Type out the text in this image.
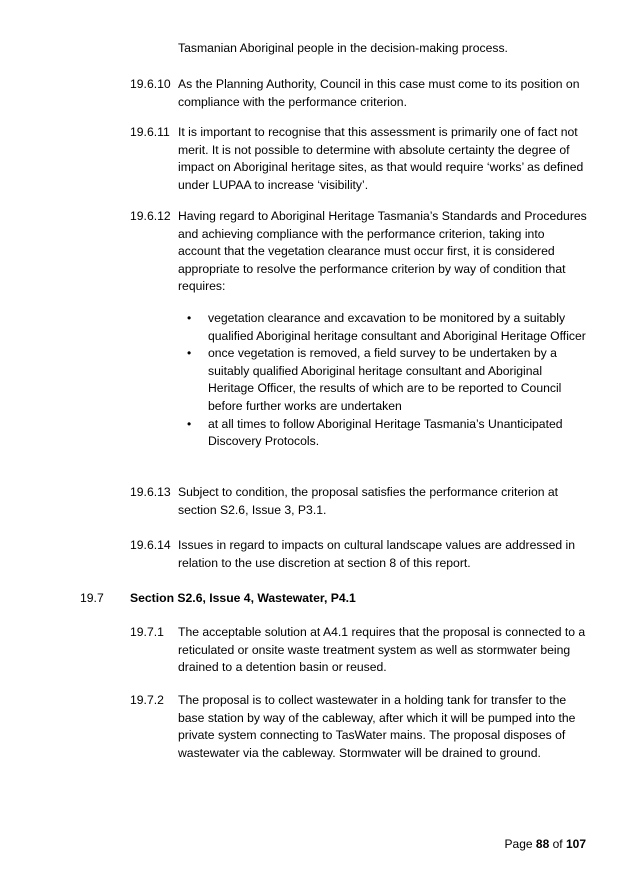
Tasmanian Aboriginal people in the decision-making process.
19.6.10 As the Planning Authority, Council in this case must come to its position on compliance with the performance criterion.
19.6.11 It is important to recognise that this assessment is primarily one of fact not merit. It is not possible to determine with absolute certainty the degree of impact on Aboriginal heritage sites, as that would require ‘works’ as defined under LUPAA to increase ‘visibility’.
19.6.12 Having regard to Aboriginal Heritage Tasmania’s Standards and Procedures and achieving compliance with the performance criterion, taking into account that the vegetation clearance must occur first, it is considered appropriate to resolve the performance criterion by way of condition that requires:
• vegetation clearance and excavation to be monitored by a suitably qualified Aboriginal heritage consultant and Aboriginal Heritage Officer
• once vegetation is removed, a field survey to be undertaken by a suitably qualified Aboriginal heritage consultant and Aboriginal Heritage Officer, the results of which are to be reported to Council before further works are undertaken
• at all times to follow Aboriginal Heritage Tasmania’s Unanticipated Discovery Protocols.
19.6.13 Subject to condition, the proposal satisfies the performance criterion at section S2.6, Issue 3, P3.1.
19.6.14 Issues in regard to impacts on cultural landscape values are addressed in relation to the use discretion at section 8 of this report.
19.7 Section S2.6, Issue 4, Wastewater, P4.1
19.7.1 The acceptable solution at A4.1 requires that the proposal is connected to a reticulated or onsite waste treatment system as well as stormwater being drained to a detention basin or reused.
19.7.2 The proposal is to collect wastewater in a holding tank for transfer to the base station by way of the cableway, after which it will be pumped into the private system connecting to TasWater mains. The proposal disposes of wastewater via the cableway. Stormwater will be drained to ground.
Page 88 of 107
